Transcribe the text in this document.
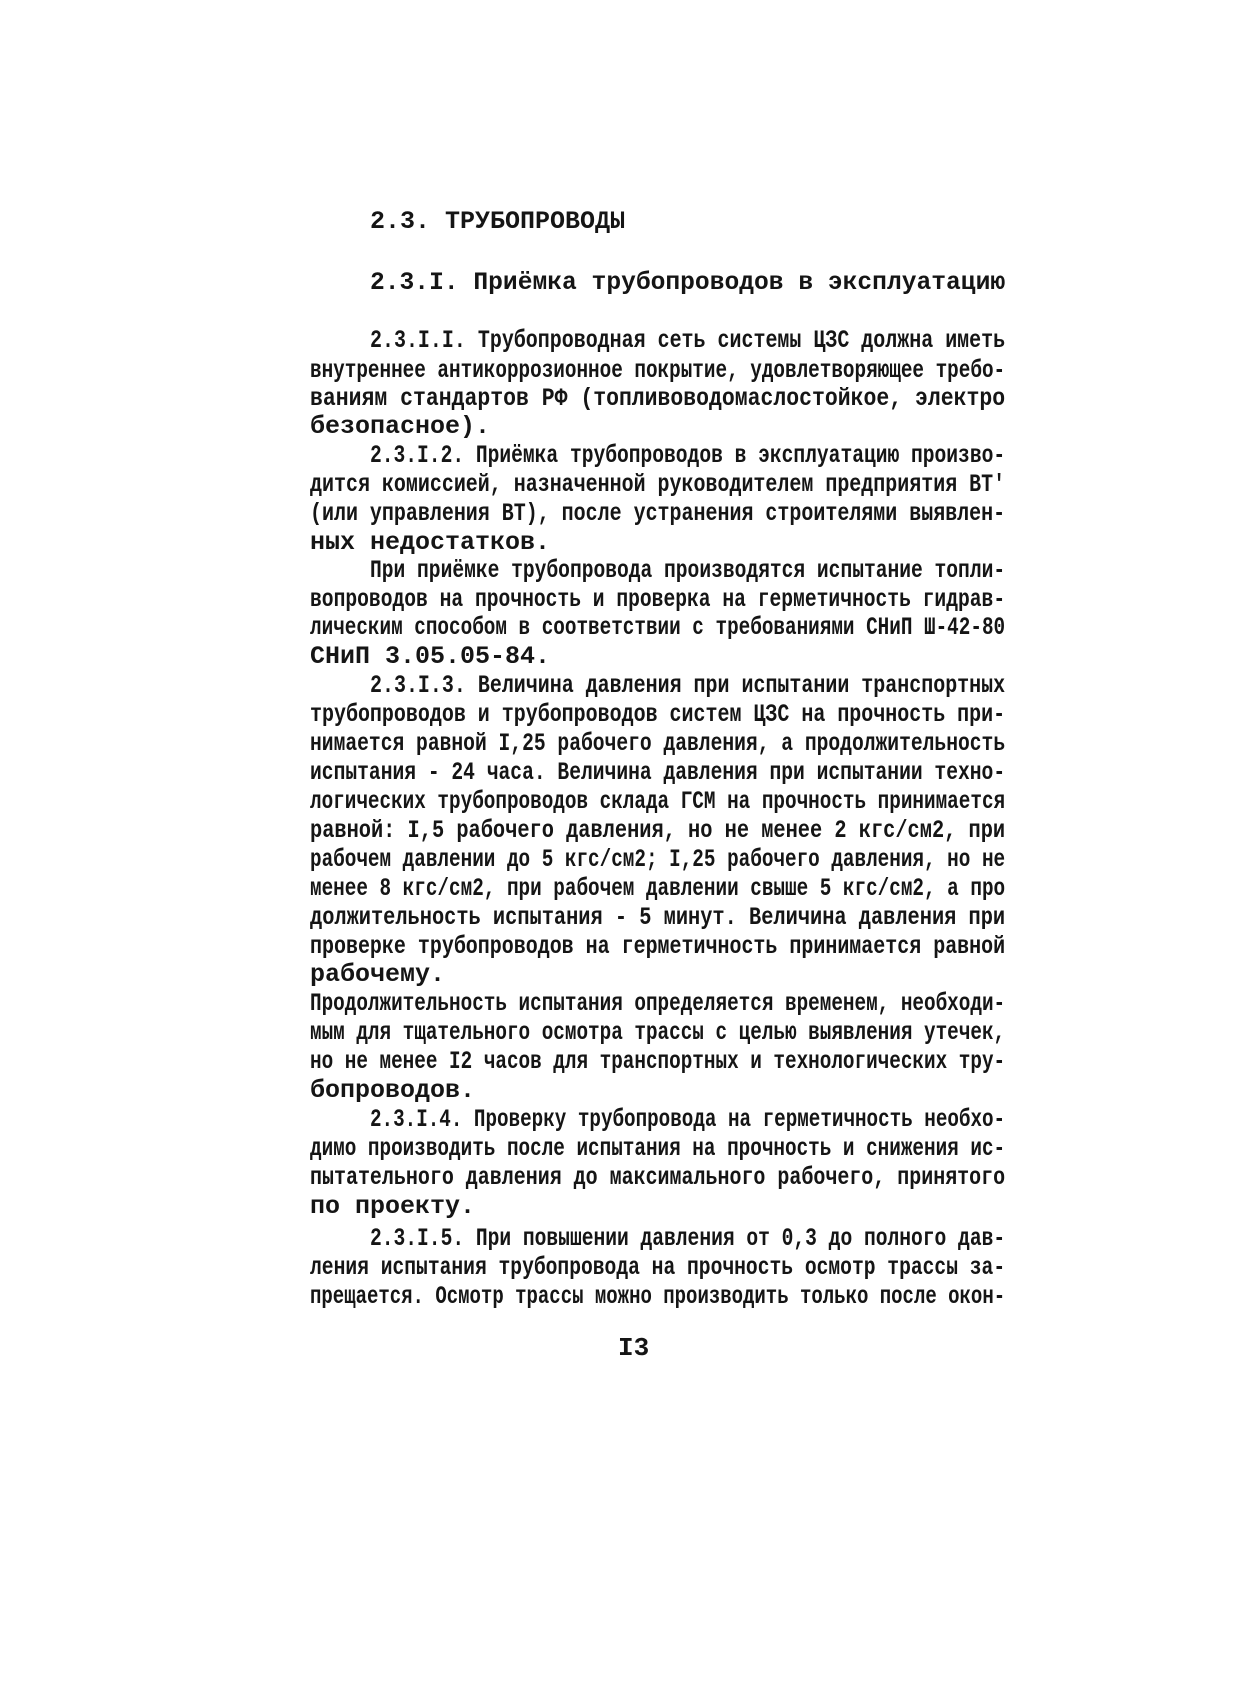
2.3. ТРУБОПРОВОДЫ
2.3.I. Приёмка трубопроводов в эксплуатацию
2.3.I.I. Трубопроводная сеть системы ЦЗС должна иметь
внутреннее антикоррозионное покрытие, удовлетворяющее требо-
ваниям стандартов РФ (топливоводомаслостойкое, электро
безопасное).
2.3.I.2. Приёмка трубопроводов в эксплуатацию произво-
дится комиссией, назначенной руководителем предприятия ВТ'
(или управления ВТ), после устранения строителями выявлен-
ных недостатков.
При приёмке трубопровода производятся испытание топли-
вопроводов на прочность и проверка на герметичность гидрав-
лическим способом в соответствии с требованиями СНиП Ш-42-80
СНиП 3.05.05-84.
2.3.I.3. Величина давления при испытании транспортных
трубопроводов и трубопроводов систем ЦЗС на прочность при-
нимается равной I,25 рабочего давления, а продолжительность
испытания - 24 часа. Величина давления при испытании техно-
логических трубопроводов склада ГСМ на прочность принимается
равной: I,5 рабочего давления, но не менее 2 кгс/см2, при
рабочем давлении до 5 кгс/см2; I,25 рабочего давления, но не
менее 8 кгс/см2, при рабочем давлении свыше 5 кгс/см2, а про
должительность испытания - 5 минут. Величина давления при
проверке трубопроводов на герметичность принимается равной
рабочему.
Продолжительность испытания определяется временем, необходи-
мым для тщательного осмотра трассы с целью выявления утечек,
но не менее I2 часов для транспортных и технологических тру-
бопроводов.
2.3.I.4. Проверку трубопровода на герметичность необхо-
димо производить после испытания на прочность и снижения ис-
пытательного давления до максимального рабочего, принятого
по проекту.
2.3.I.5. При повышении давления от 0,3 до полного дав-
ления испытания трубопровода на прочность осмотр трассы за-
прещается. Осмотр трассы можно производить только после окон-
I3
